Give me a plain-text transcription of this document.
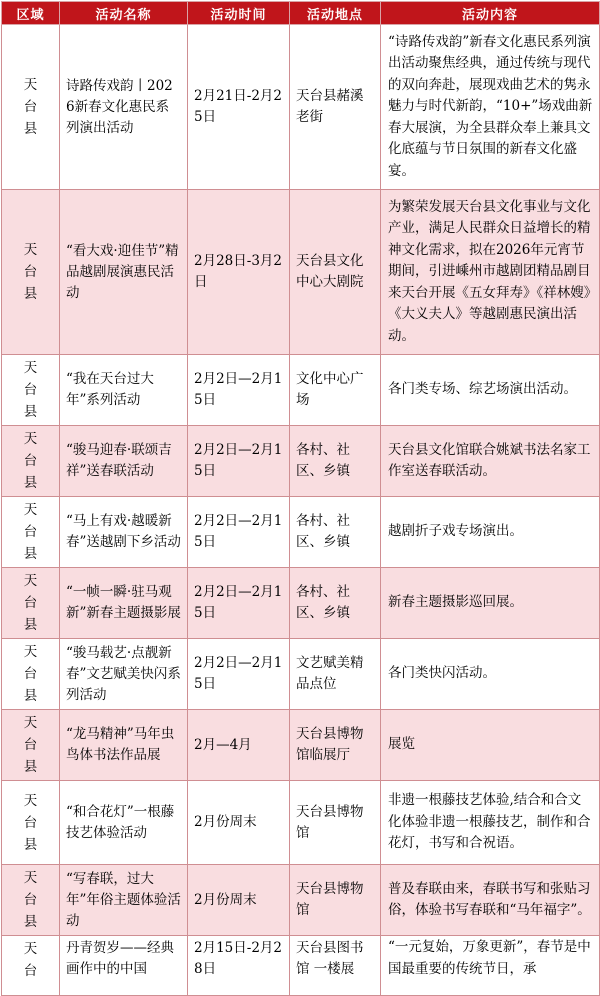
区域	活动名称	活动时间	活动地点	活动内容
天台县	诗路传戏韵丨2026新春文化惠民系列演出活动	2月21日-2月25日	天台县赭溪老街	“诗路传戏韵”新春文化惠民系列演出活动聚焦经典，通过传统与现代的双向奔赴，展现戏曲艺术的隽永魅力与时代新韵，“10+”场戏曲新春大展演，为全县群众奉上兼具文化底蕴与节日氛围的新春文化盛宴。
天台县	“看大戏·迎佳节”精品越剧展演惠民活动	2月28日-3月2日	天台县文化中心大剧院	为繁荣发展天台县文化事业与文化产业，满足人民群众日益增长的精神文化需求，拟在2026年元宵节期间，引进嵊州市越剧团精品剧目来天台开展《五女拜寿》《祥林嫂》《大义夫人》等越剧惠民演出活动。
天台县	“我在天台过大年”系列活动	2月2日—2月15日	文化中心广场	各门类专场、综艺场演出活动。
天台县	“骏马迎春·联颂吉祥”送春联活动	2月2日—2月15日	各村、社区、乡镇	天台县文化馆联合姚斌书法名家工作室送春联活动。
天台县	“马上有戏·越暖新春”送越剧下乡活动	2月2日—2月15日	各村、社区、乡镇	越剧折子戏专场演出。
天台县	“一帧一瞬·驻马观新”新春主题摄影展	2月2日—2月15日	各村、社区、乡镇	新春主题摄影巡回展。
天台县	“骏马载艺·点靓新春”文艺赋美快闪系列活动	2月2日—2月15日	文艺赋美精品点位	各门类快闪活动。
天台县	“龙马精神”马年虫鸟体书法作品展	2月—4月	天台县博物馆临展厅	展览
天台县	“和合花灯”一根藤技艺体验活动	2月份周末	天台县博物馆	非遗一根藤技艺体验,结合和合文化体验非遗一根藤技艺，制作和合花灯，书写和合祝语。
天台县	“写春联，过大年”年俗主题体验活动	2月份周末	天台县博物馆	普及春联由来，春联书写和张贴习俗，体验书写春联和“马年福字”。
天台	丹青贺岁——经典画作中的中国	2月15日-2月28日	天台县图书馆 一楼展	“一元复始，万象更新”，春节是中国最重要的传统节日，承
